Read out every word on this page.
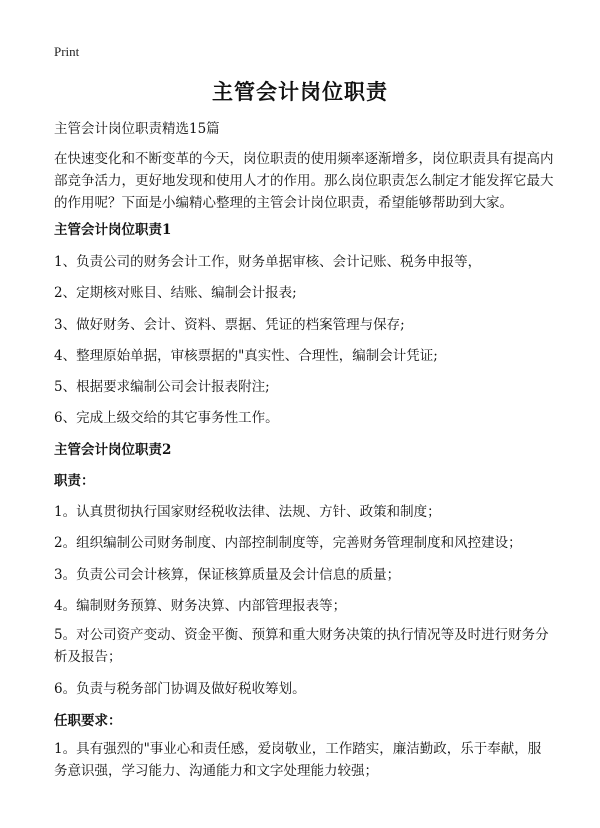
Print
主管会计岗位职责
主管会计岗位职责精选15篇
在快速变化和不断变革的今天，岗位职责的使用频率逐渐增多，岗位职责具有提高内部竞争活力，更好地发现和使用人才的作用。那么岗位职责怎么制定才能发挥它最大的作用呢？下面是小编精心整理的主管会计岗位职责，希望能够帮助到大家。
主管会计岗位职责1
1、负责公司的财务会计工作，财务单据审核、会计记账、税务申报等，
2、定期核对账目、结账、编制会计报表;
3、做好财务、会计、资料、票据、凭证的档案管理与保存;
4、整理原始单据，审核票据的"真实性、合理性，编制会计凭证;
5、根据要求编制公司会计报表附注;
6、完成上级交给的其它事务性工作。
主管会计岗位职责2
职责：
1。认真贯彻执行国家财经税收法律、法规、方针、政策和制度；
2。组织编制公司财务制度、内部控制制度等，完善财务管理制度和风控建设；
3。负责公司会计核算，保证核算质量及会计信息的质量；
4。编制财务预算、财务决算、内部管理报表等；
5。对公司资产变动、资金平衡、预算和重大财务决策的执行情况等及时进行财务分析及报告；
6。负责与税务部门协调及做好税收筹划。
任职要求：
1。具有强烈的"事业心和责任感，爱岗敬业，工作踏实，廉洁勤政，乐于奉献，服务意识强，学习能力、沟通能力和文字处理能力较强；
